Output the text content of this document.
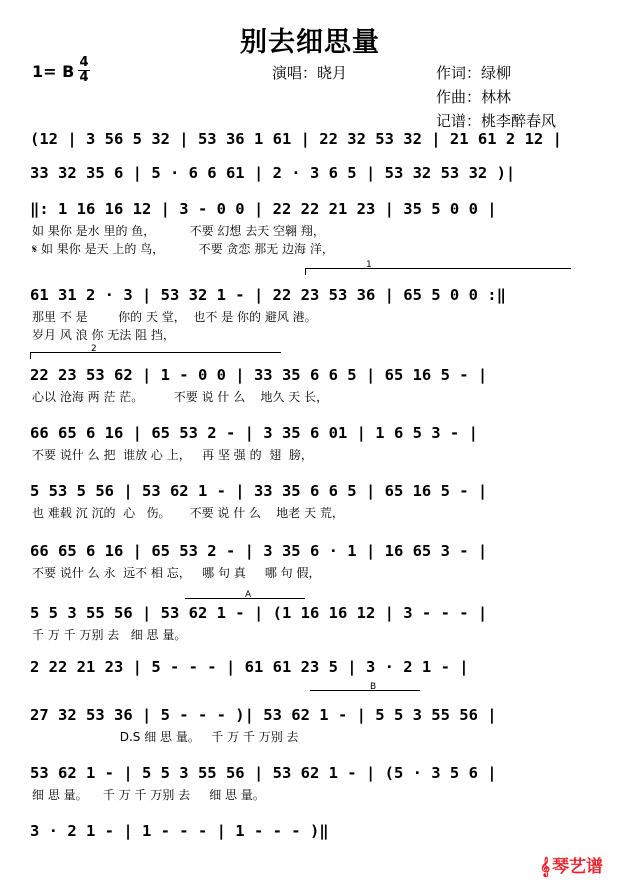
别去细思量
1= B 4
4	演唱：晓月	作词：绿柳
作曲：林林
记谱：桃李醉春风
(12 | 3 56 5 32 | 53 36 1 61 | 22 32 53 32 | 21 61 2 12 |
33 32 35 6 | 5 · 6 6 61 | 2 · 3 6 5 | 53 32 53 32 )|
‖: 1 16 16 12 | 3 - 0 0 | 22 22 21 23 | 35 5 0 0 |
如 果你 是水 里的 鱼，         不要 幻想 去天 空翱 翔，
𝄋 如 果你 是天 上的 鸟，         不要 贪恋 那无 边海 洋，
61 31 2 · 3 | 53 32 1 - | 22 23 53 36 | 65 5 0 0 :‖
那里 不 是        你的 天 堂，  也不 是 你的 避风 港。
岁月 风 浪 你 无法 阻 挡，
22 23 53 62 | 1 - 0 0 | 33 35 6 6 5 | 65 16 5 - |
心以 沧海 两 茫 茫。        不要 说 什 么    地久 天 长，
66 65 6 16 | 65 53 2 - | 3 35 6 01 | 1 6 5 3 - |
不要 说什 么 把  谁放 心 上，   再 坚 强 的  翅  膀，
5 53 5 56 | 53 62 1 - | 33 35 6 6 5 | 65 16 5 - |
也 难载 沉 沉的  心   伤。     不要 说 什 么    地老 天 荒，
66 65 6 16 | 65 53 2 - | 3 35 6 · 1 | 16 65 3 - |
不要 说什 么 永  远不 相 忘，   哪 句 真     哪 句 假，
5 5 3 55 56 | 53 62 1 - | (1 16 16 12 | 3 - - - |
千 万 千 万别 去   细 思 量。
2 22 21 23 | 5 - - - | 61 61 23 5 | 3 · 2 1 - |
27 32 53 36 | 5 - - - )| 53 62 1 - | 5 5 3 55 56 |
D.S 细 思 量。   千 万 千 万别 去
53 62 1 - | 5 5 3 55 56 | 53 62 1 - | (5 · 3 5 6 |
细 思 量。    千 万 千 万别 去     细 思 量。
3 · 2 1 - | 1 - - - | 1 - - - )‖
1
2
A
B
𝄞 琴艺谱
